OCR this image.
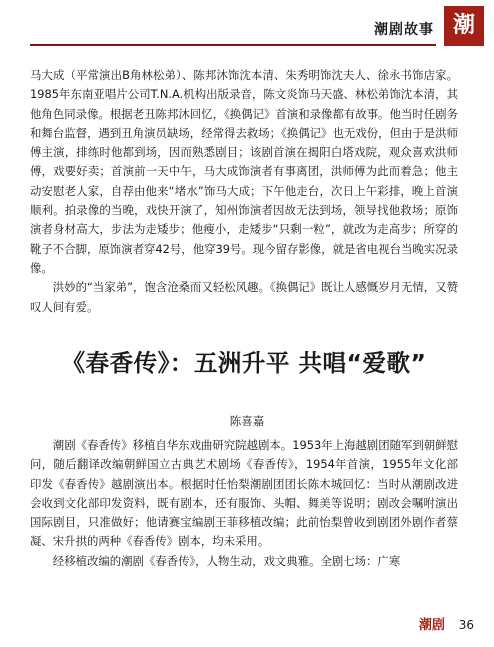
潮剧故事 潮

马大成（平常演出B角林松弟）、陈邦沐饰沈本清、朱秀明饰沈夫人、徐永书饰店家。1985年东南亚唱片公司T.N.A.机构出版录音，陈文炎饰马天盛、林松弟饰沈本清，其他角色同录像。根据老丑陈邦沐回忆，《换偶记》首演和录像都有故事。他当时任剧务和舞台监督，遇到丑角演员缺场，经常得去救场；《换偶记》也无戏份，但由于是洪师傅主演，排练时他都到场，因而熟悉剧目；该剧首演在揭阳白塔戏院，观众喜欢洪师傅，戏要好卖；首演前一天中午，马大成饰演者有事离团，洪师傅为此而着急；他主动安慰老人家，自荐由他来“堵水”饰马大成；下午他走台，次日上午彩排，晚上首演顺利。拍录像的当晚，戏快开演了，知州饰演者因故无法到场，领导找他救场；原饰演者身材高大，步法为走矮步；他瘦小，走矮步“只剩一粒”，就改为走高步；所穿的靴子不合脚，原饰演者穿42号，他穿39号。现今留存影像，就是省电视台当晚实况录像。

洪妙的“当家弟”，饱含沧桑而又轻松风趣。《换偶记》既让人感慨岁月无情，又赞叹人间有爱。

《春香传》：五洲升平 共唱“爱歌”
陈喜嘉

潮剧《春香传》移植自华东戏曲研究院越剧本。1953年上海越剧团随军到朝鲜慰问，随后翻译改编朝鲜国立古典艺术剧场《春香传》，1954年首演，1955年文化部印发《春香传》越剧演出本。根据时任怡梨潮剧团团长陈木城回忆：当时从潮剧改进会收到文化部印发资料，既有剧本，还有服饰、头帽、舞美等说明；剧改会嘱咐演出国际剧目，只准做好；他请赛宝编剧王菲移植改编；此前怡梨曾收到剧团外剧作者蔡凝、宋升拱的两种《春香传》剧本，均未采用。

经移植改编的潮剧《春香传》，人物生动，戏文典雅。全剧七场：广寒

潮剧 36
